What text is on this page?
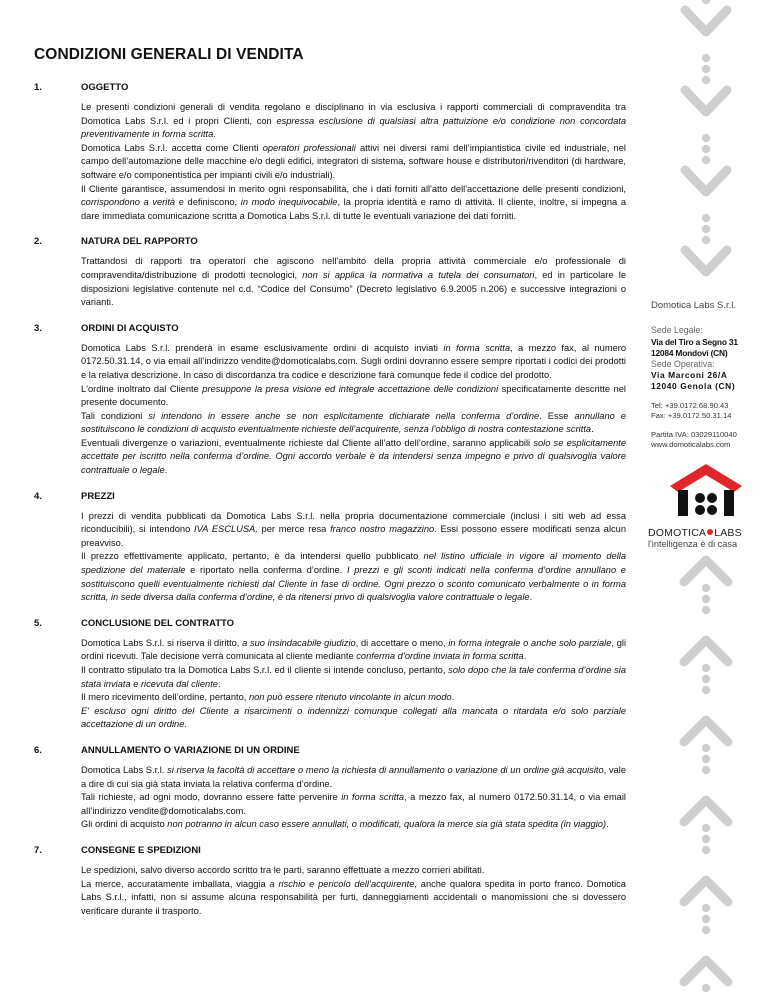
CONDIZIONI GENERALI DI VENDITA
1.	OGGETTO

Le presenti condizioni generali di vendita regolano e disciplinano in via esclusiva i rapporti commerciali di compravendita tra Domotica Labs S.r.l. ed i propri Clienti, con espressa esclusione di qualsiasi altra pattuizione e/o condizione non concordata preventivamente in forma scritta.

Domotica Labs S.r.l. accetta come Clienti operatori professionali attivi nei diversi rami dell’impiantistica civile ed industriale, nel campo dell’automazione delle macchine e/o degli edifici, integratori di sistema, software house e distributori/rivenditori (di hardware, software e/o componentistica per impianti civili e/o industriali).

Il Cliente garantisce, assumendosi in merito ogni responsabilità, che i dati forniti all'atto dell'accettazione delle presenti condizioni, corrispondono a verità e definiscono, in modo inequivocabile, la propria identità e ramo di attività. Il cliente, inoltre, si impegna a dare immediata comunicazione scritta a Domotica Labs S.r.l. di tutte le eventuali variazione dei dati forniti.

2.	NATURA DEL RAPPORTO

Trattandosi di rapporti tra operatori che agiscono nell'ambito della propria attività commerciale e/o professionale di compravendita/distribuzione di prodotti tecnologici, non si applica la normativa a tutela dei consumatori, ed in particolare le disposizioni legislative contenute nel c.d. “Codice del Consumo” (Decreto legislativo 6.9.2005 n.206) e successive integrazioni o varianti.

3.	ORDINI DI ACQUISTO

Domotica Labs S.r.l. prenderà in esame esclusivamente ordini di acquisto inviati in forma scritta, a mezzo fax, al numero 0172.50.31.14, o via email all’indirizzo vendite@domoticalabs.com. Sugli ordini dovranno essere sempre riportati i codici dei prodotti e la relativa descrizione. In caso di discordanza tra codice e descrizione farà comunque fede il codice del prodotto.

L'ordine inoltrato dal Cliente presuppone la presa visione ed integrale accettazione delle condizioni specificatamente descritte nel presente documento.

Tali condizioni si intendono in essere anche se non esplicitamente dichiarate nella conferma d’ordine. Esse annullano e sostituiscono le condizioni di acquisto eventualmente richieste dell’acquirente, senza l’obbligo di nostra contestazione scritta.

Eventuali divergenze o variazioni, eventualmente richieste dal Cliente all’atto dell’ordine, saranno applicabili solo se esplicitamente accettate per iscritto nella conferma d’ordine. Ogni accordo verbale è da intendersi senza impegno e privo di qualsivoglia valore contrattuale o legale.

4.	PREZZI

I prezzi di vendita pubblicati da Domotica Labs S.r.l. nella propria documentazione commerciale (inclusi i siti web ad essa riconducibili), si intendono IVA ESCLUSA, per merce resa franco nostro magazzino. Essi possono essere modificati senza alcun preavviso.

Il prezzo effettivamente applicato, pertanto, è da intendersi quello pubblicato nel listino ufficiale in vigore al momento della spedizione del materiale e riportato nella conferma d’ordine. I prezzi e gli sconti indicati nella conferma d’ordine annullano e sostituiscono quelli eventualmente richiesti dal Cliente in fase di ordine. Ogni prezzo o sconto comunicato verbalmente o in forma scritta, in sede diversa dalla conferma d’ordine, è da ritenersi privo di qualsivoglia valore contrattuale o legale.

5.	CONCLUSIONE DEL CONTRATTO

Domotica Labs S.r.l. si riserva il diritto, a suo insindacabile giudizio, di accettare o meno, in forma integrale o anche solo parziale, gli ordini ricevuti. Tale decisione verrà comunicata al cliente mediante conferma d’ordine inviata in forma scritta.

Il contratto stipulato tra la Domotica Labs S.r.l. ed il cliente si intende concluso, pertanto, solo dopo che la tale conferma d’ordine sia stata inviata e ricevuta dal cliente.

Il mero ricevimento dell’ordine, pertanto, non può essere ritenuto vincolante in alcun modo.

E' escluso ogni diritto del Cliente a risarcimenti o indennizzi comunque collegati alla mancata o ritardata e/o solo parziale accettazione di un ordine.

6.	ANNULLAMENTO O VARIAZIONE DI UN ORDINE

Domotica Labs S.r.l. si riserva la facoltà di accettare o meno la richiesta di annullamento o variazione di un ordine già acquisito, vale a dire di cui sia già stata inviata la relativa conferma d’ordine.

Tali richieste, ad ogni modo, dovranno essere fatte pervenire in forma scritta, a mezzo fax, al numero 0172.50.31.14, o via email all’indirizzo vendite@domoticalabs.com.

Gli ordini di acquisto non potranno in alcun caso essere annullati, o modificati, qualora la merce sia già stata spedita (in viaggio).

7.	CONSEGNE E SPEDIZIONI

Le spedizioni, salvo diverso accordo scritto tra le parti, saranno effettuate a mezzo corrieri abilitati.

La merce, accuratamente imballata, viaggia a rischio e pericolo dell’acquirente, anche qualora spedita in porto franco. Domotica Labs S.r.l., infatti, non si assume alcuna responsabilità per furti, danneggiamenti accidentali o manomissioni che si dovessero verificare durante il trasporto.

Domotica Labs S.r.l.
Sede Legale:
Via del Tiro a Segno 31
12084 Mondovì (CN)
Sede Operativa:
Via Marconi 26/A
12040 Genola (CN)
Tel: +39.0172.68.90.43
Fax: +39.0172.50.31.14
Partita IVA: 03029110040
www.domoticalabs.com
DOMOTICA LABS
l'intelligenza è di casa
